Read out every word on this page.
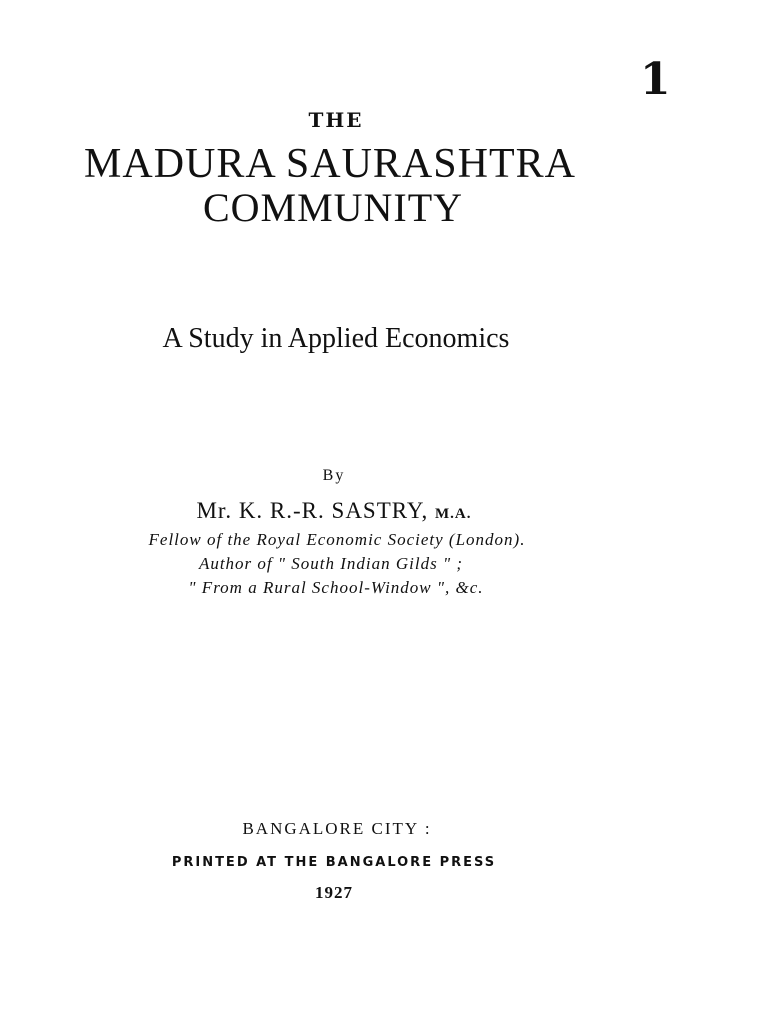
1
THE
MADURA SAURASHTRA
COMMUNITY
A Study in Applied Economics
By
Mr. K. R.-R. SASTRY, M.A.
Fellow of the Royal Economic Society (London).
Author of " South Indian Gilds " ;
" From a Rural School-Window ", &c.
BANGALORE CITY :
PRINTED AT THE BANGALORE PRESS
1927
